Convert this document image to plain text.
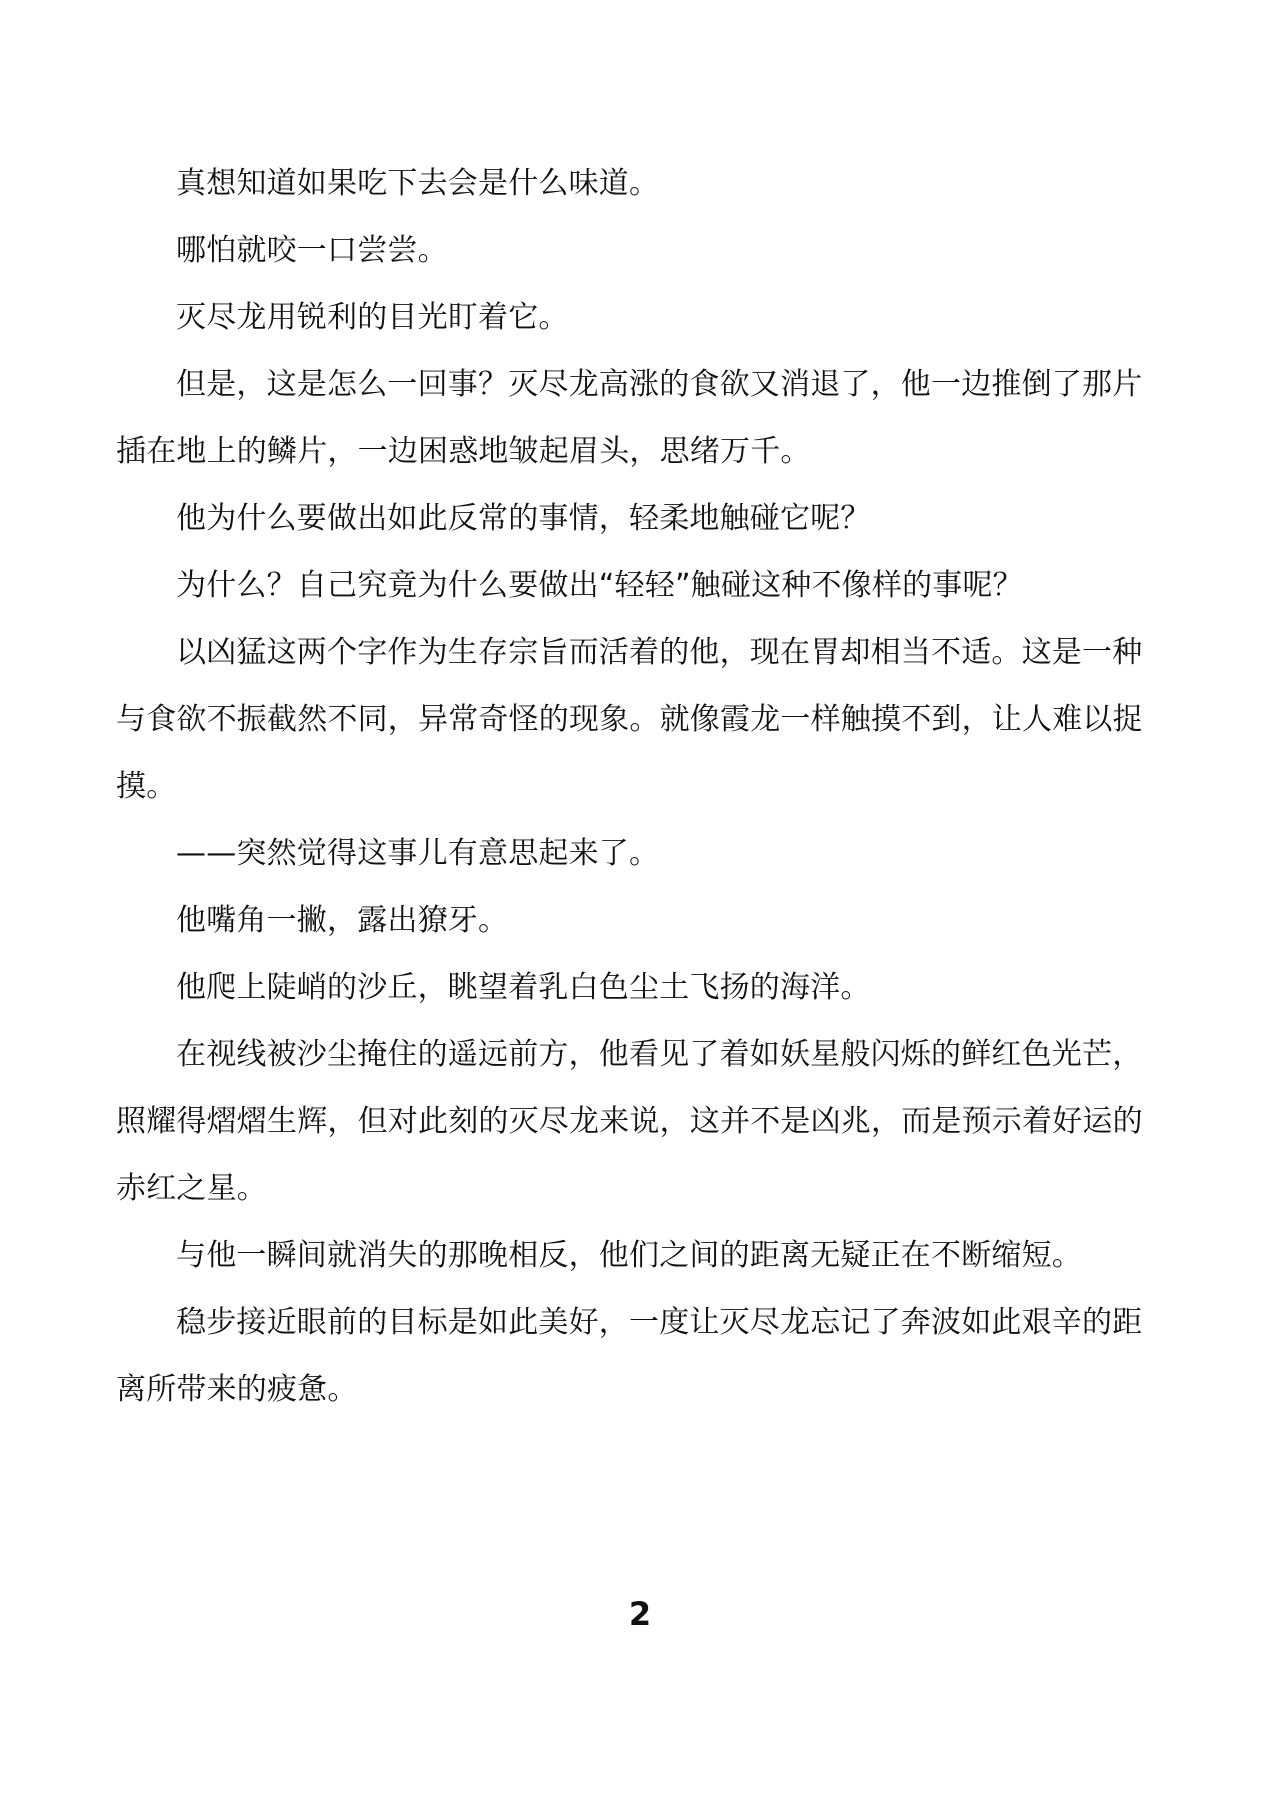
真想知道如果吃下去会是什么味道。

哪怕就咬一口尝尝。

灭尽龙用锐利的目光盯着它。

但是，这是怎么一回事？灭尽龙高涨的食欲又消退了，他一边推倒了那片插在地上的鳞片，一边困惑地皱起眉头，思绪万千。

他为什么要做出如此反常的事情，轻柔地触碰它呢？

为什么？自己究竟为什么要做出“轻轻”触碰这种不像样的事呢？

以凶猛这两个字作为生存宗旨而活着的他，现在胃却相当不适。这是一种与食欲不振截然不同，异常奇怪的现象。就像霞龙一样触摸不到，让人难以捉摸。

——突然觉得这事儿有意思起来了。

他嘴角一撇，露出獠牙。

他爬上陡峭的沙丘，眺望着乳白色尘土飞扬的海洋。

在视线被沙尘掩住的遥远前方，他看见了着如妖星般闪烁的鲜红色光芒，照耀得熠熠生辉，但对此刻的灭尽龙来说，这并不是凶兆，而是预示着好运的赤红之星。

与他一瞬间就消失的那晚相反，他们之间的距离无疑正在不断缩短。

稳步接近眼前的目标是如此美好，一度让灭尽龙忘记了奔波如此艰辛的距离所带来的疲惫。

2
